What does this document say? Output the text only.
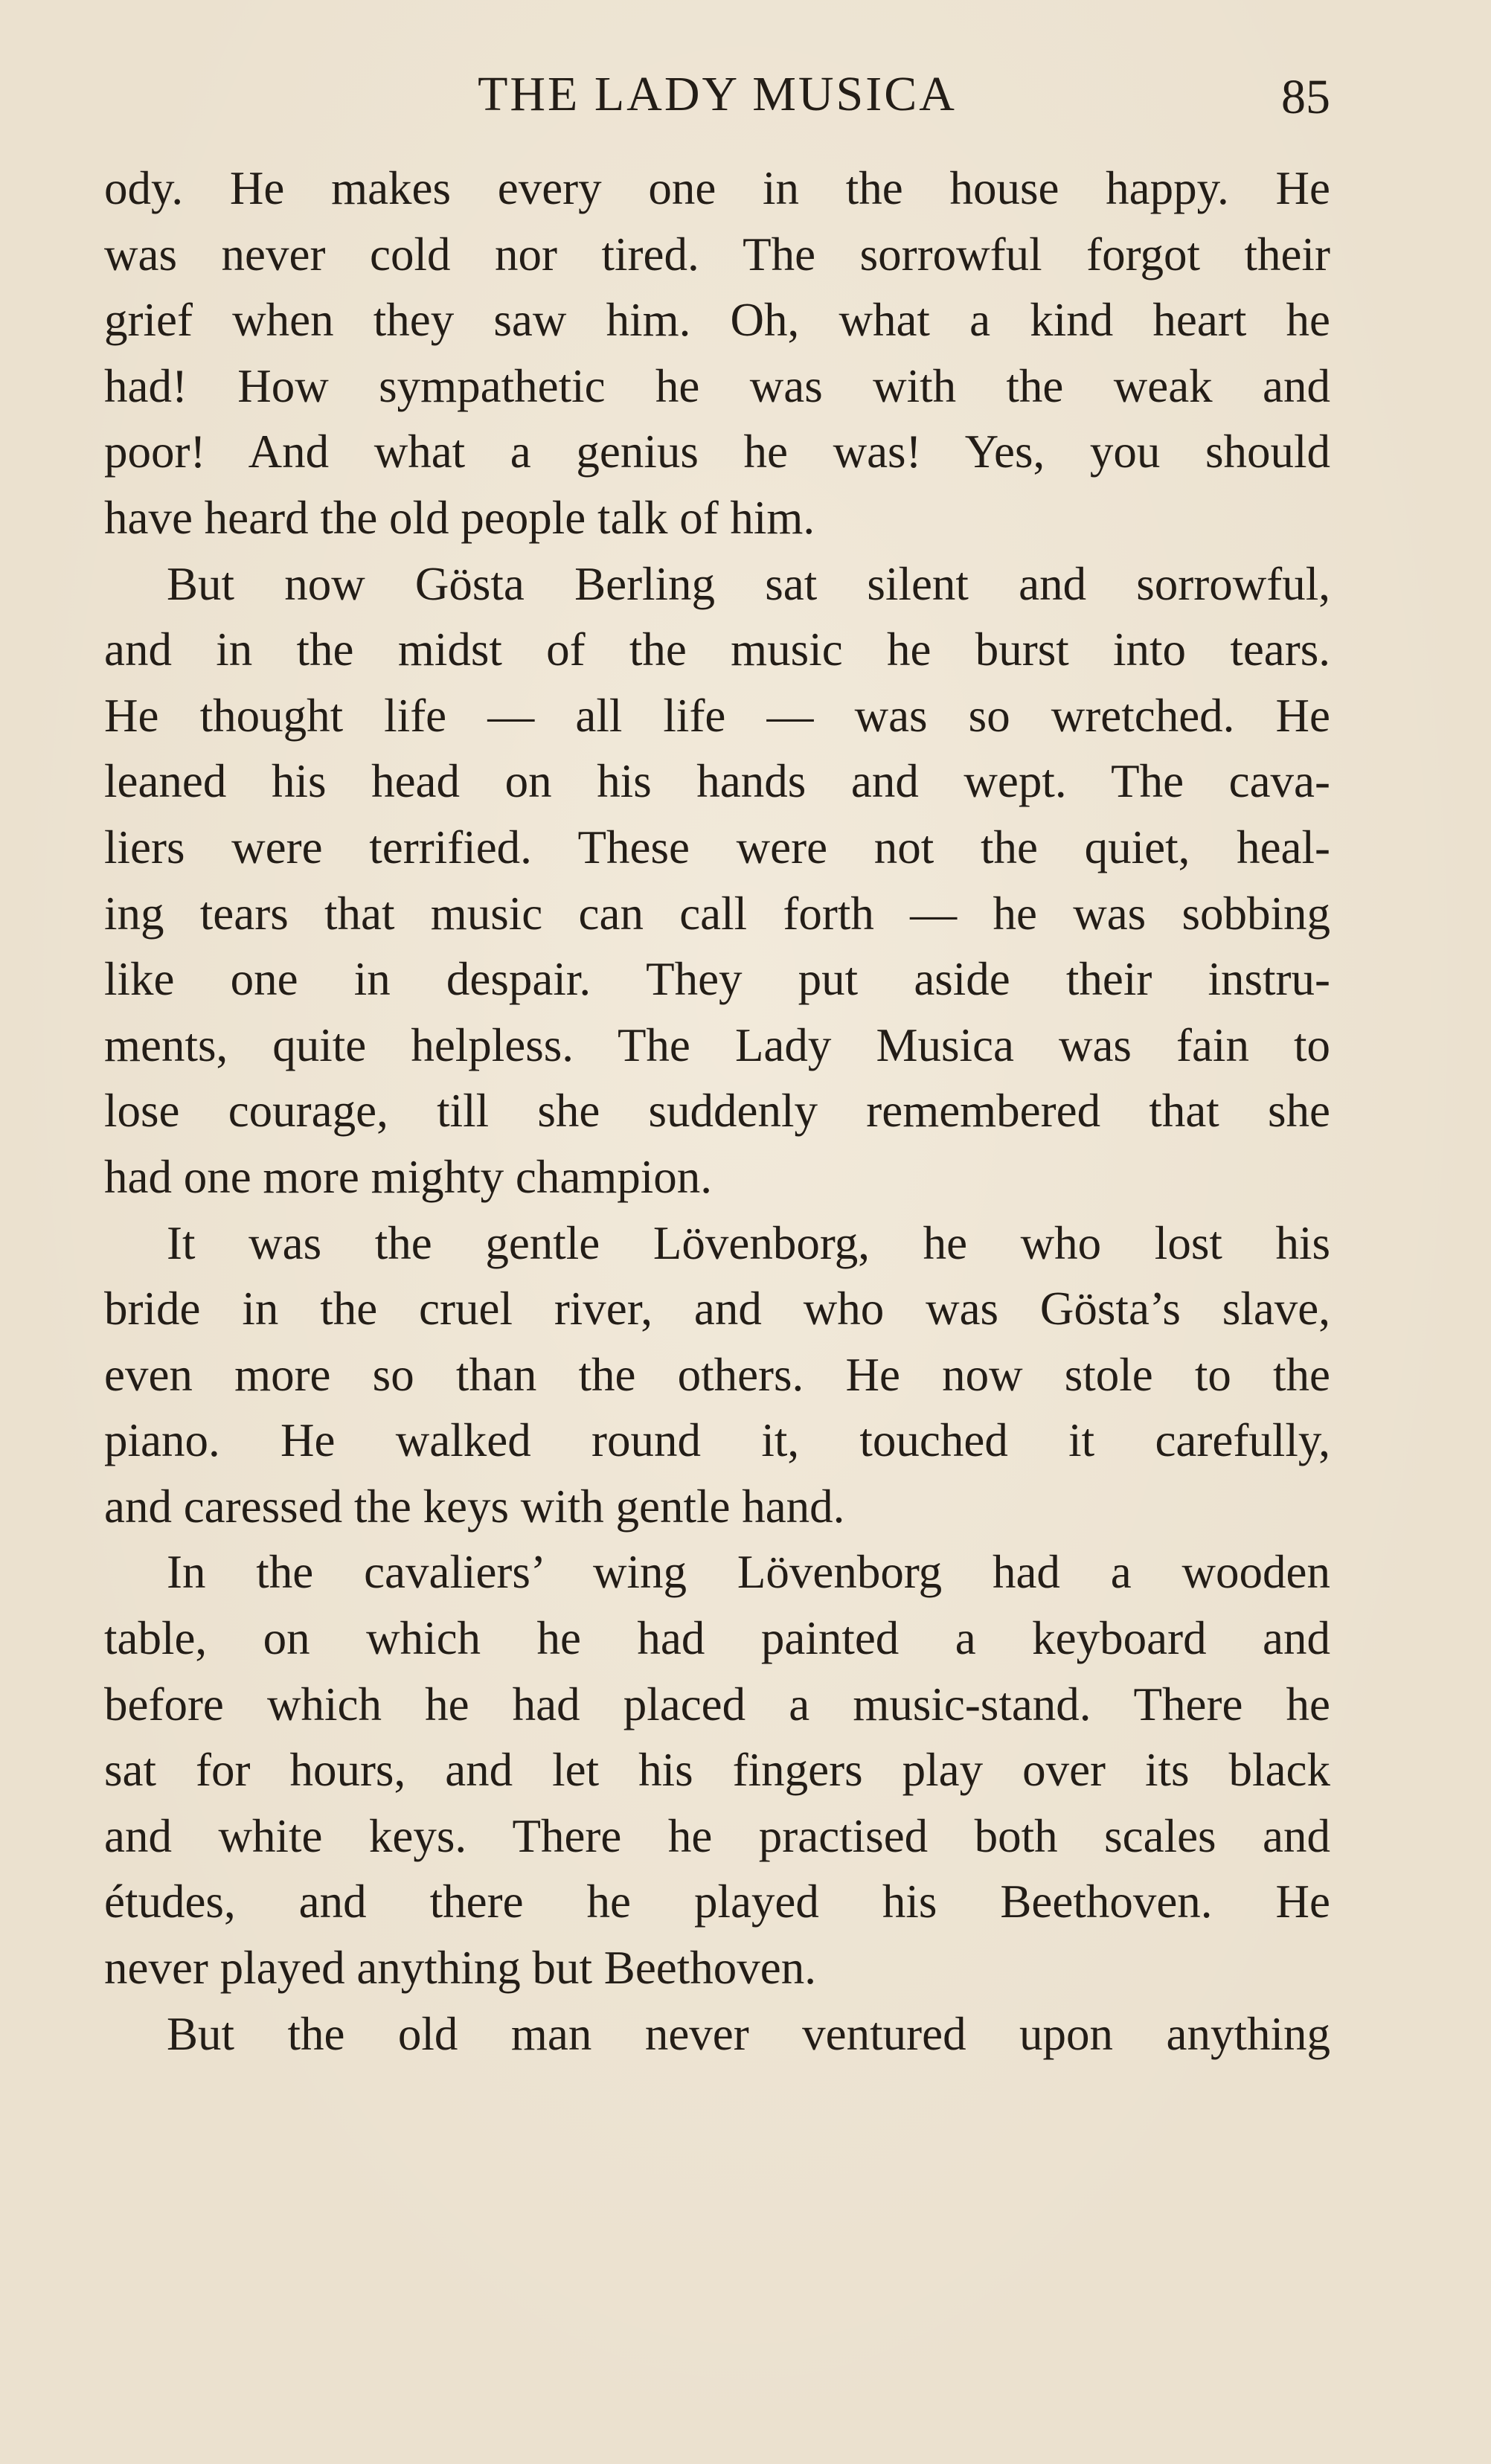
THE LADY MUSICA	85
ody. He makes every one in the house happy. He
was never cold nor tired. The sorrowful forgot their
grief when they saw him. Oh, what a kind heart he
had! How sympathetic he was with the weak and
poor! And what a genius he was! Yes, you should
have heard the old people talk of him.
But now Gösta Berling sat silent and sorrowful,
and in the midst of the music he burst into tears.
He thought life — all life — was so wretched. He
leaned his head on his hands and wept. The cava-
liers were terrified. These were not the quiet, heal-
ing tears that music can call forth — he was sobbing
like one in despair. They put aside their instru-
ments, quite helpless. The Lady Musica was fain to
lose courage, till she suddenly remembered that she
had one more mighty champion.
It was the gentle Lövenborg, he who lost his
bride in the cruel river, and who was Gösta’s slave,
even more so than the others. He now stole to the
piano. He walked round it, touched it carefully,
and caressed the keys with gentle hand.
In the cavaliers’ wing Lövenborg had a wooden
table, on which he had painted a keyboard and
before which he had placed a music-stand. There he
sat for hours, and let his fingers play over its black
and white keys. There he practised both scales and
études, and there he played his Beethoven. He
never played anything but Beethoven.
But the old man never ventured upon anything
